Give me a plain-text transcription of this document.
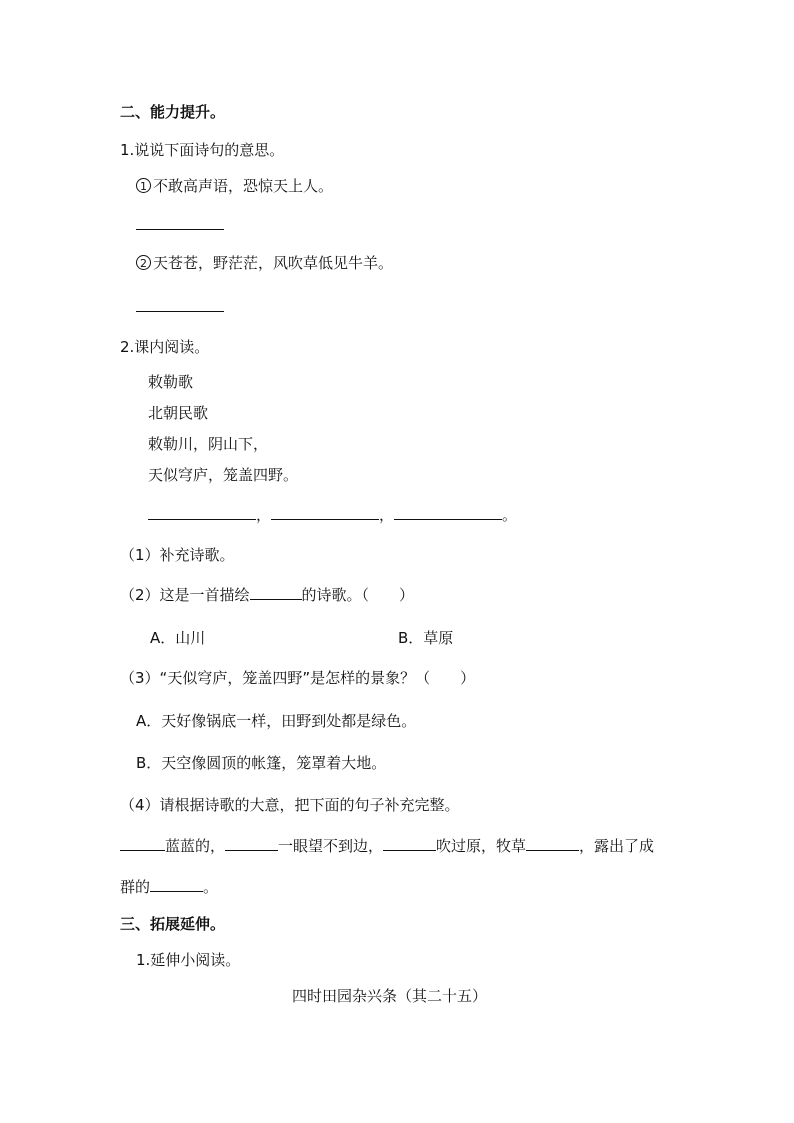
二、能力提升。
1.说说下面诗句的意思。
1 不敢高声语，恐惊天上人。
2 天苍苍，野茫茫，风吹草低见牛羊。
2.课内阅读。
敕勒歌
北朝民歌
敕勒川，阴山下，
天似穹庐，笼盖四野。
，	，	。
（1）补充诗歌。
（2）这是一首描绘	的诗歌。（　　）
A．山川	B．草原
（3）“天似穹庐，笼盖四野”是怎样的景象？（　　）
A．天好像锅底一样，田野到处都是绿色。
B．天空像圆顶的帐篷，笼罩着大地。
（4）请根据诗歌的大意，把下面的句子补充完整。
蓝蓝的，	一眼望不到边，	吹过原，牧草	，露出了成
群的	。
三、拓展延伸。
1.延伸小阅读。
四时田园杂兴条（其二十五）
